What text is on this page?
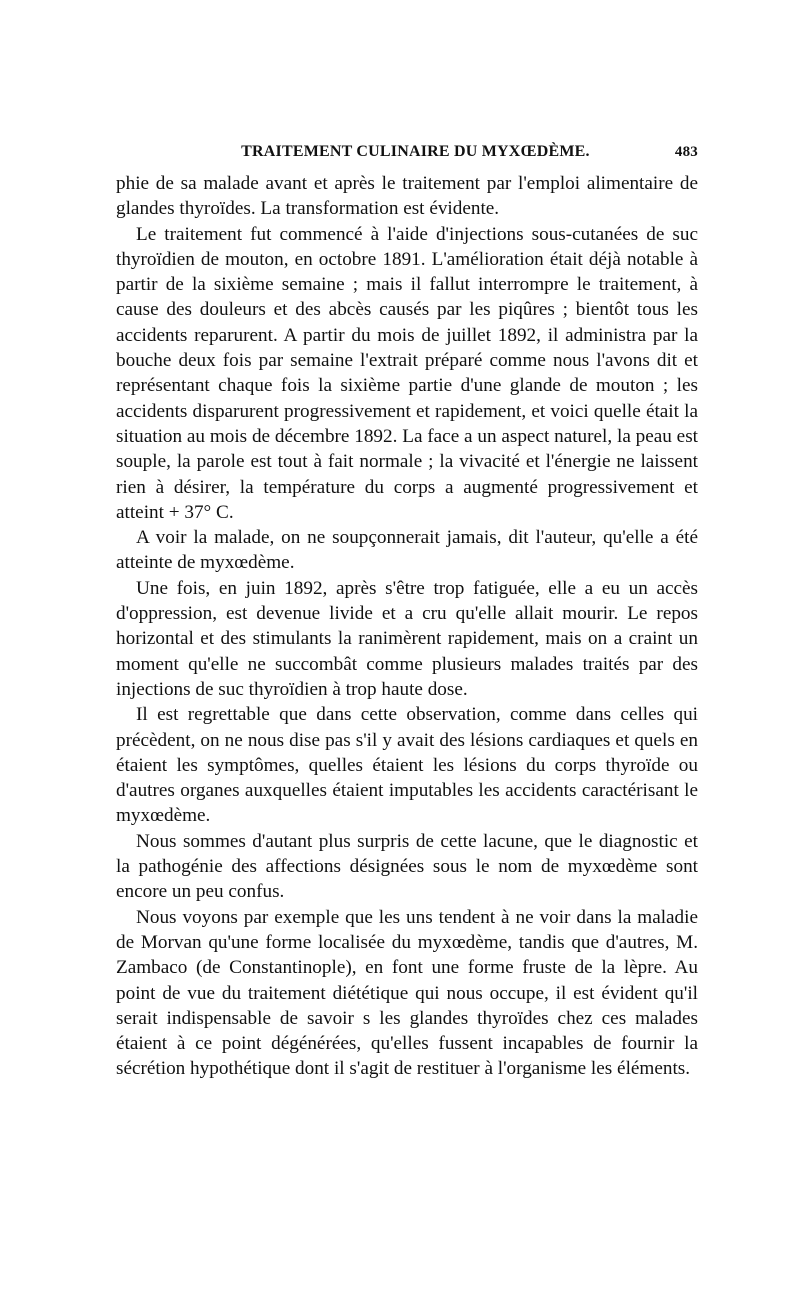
TRAITEMENT CULINAIRE DU MYXŒDÈME.	483

phie de sa malade avant et après le traitement par l'emploi alimentaire de glandes thyroïdes. La transformation est évidente.

Le traitement fut commencé à l'aide d'injections sous-cutanées de suc thyroïdien de mouton, en octobre 1891. L'amélioration était déjà notable à partir de la sixième semaine ; mais il fallut interrompre le traitement, à cause des douleurs et des abcès causés par les piqûres ; bientôt tous les accidents reparurent. A partir du mois de juillet 1892, il administra par la bouche deux fois par semaine l'extrait préparé comme nous l'avons dit et représentant chaque fois la sixième partie d'une glande de mouton ; les accidents disparurent progressivement et rapidement, et voici quelle était la situation au mois de décembre 1892. La face a un aspect naturel, la peau est souple, la parole est tout à fait normale ; la vivacité et l'énergie ne laissent rien à désirer, la température du corps a augmenté progressivement et atteint + 37° C.

A voir la malade, on ne soupçonnerait jamais, dit l'auteur, qu'elle a été atteinte de myxœdème.

Une fois, en juin 1892, après s'être trop fatiguée, elle a eu un accès d'oppression, est devenue livide et a cru qu'elle allait mourir. Le repos horizontal et des stimulants la ranimèrent rapidement, mais on a craint un moment qu'elle ne succombât comme plusieurs malades traités par des injections de suc thyroïdien à trop haute dose.

Il est regrettable que dans cette observation, comme dans celles qui précèdent, on ne nous dise pas s'il y avait des lésions cardiaques et quels en étaient les symptômes, quelles étaient les lésions du corps thyroïde ou d'autres organes auxquelles étaient imputables les accidents caractérisant le myxœdème.

Nous sommes d'autant plus surpris de cette lacune, que le diagnostic et la pathogénie des affections désignées sous le nom de myxœdème sont encore un peu confus.

Nous voyons par exemple que les uns tendent à ne voir dans la maladie de Morvan qu'une forme localisée du myxœdème, tandis que d'autres, M. Zambaco (de Constantinople), en font une forme fruste de la lèpre. Au point de vue du traitement diététique qui nous occupe, il est évident qu'il serait indispensable de savoir s les glandes thyroïdes chez ces malades étaient à ce point dégénérées, qu'elles fussent incapables de fournir la sécrétion hypothétique dont il s'agit de restituer à l'organisme les éléments.
